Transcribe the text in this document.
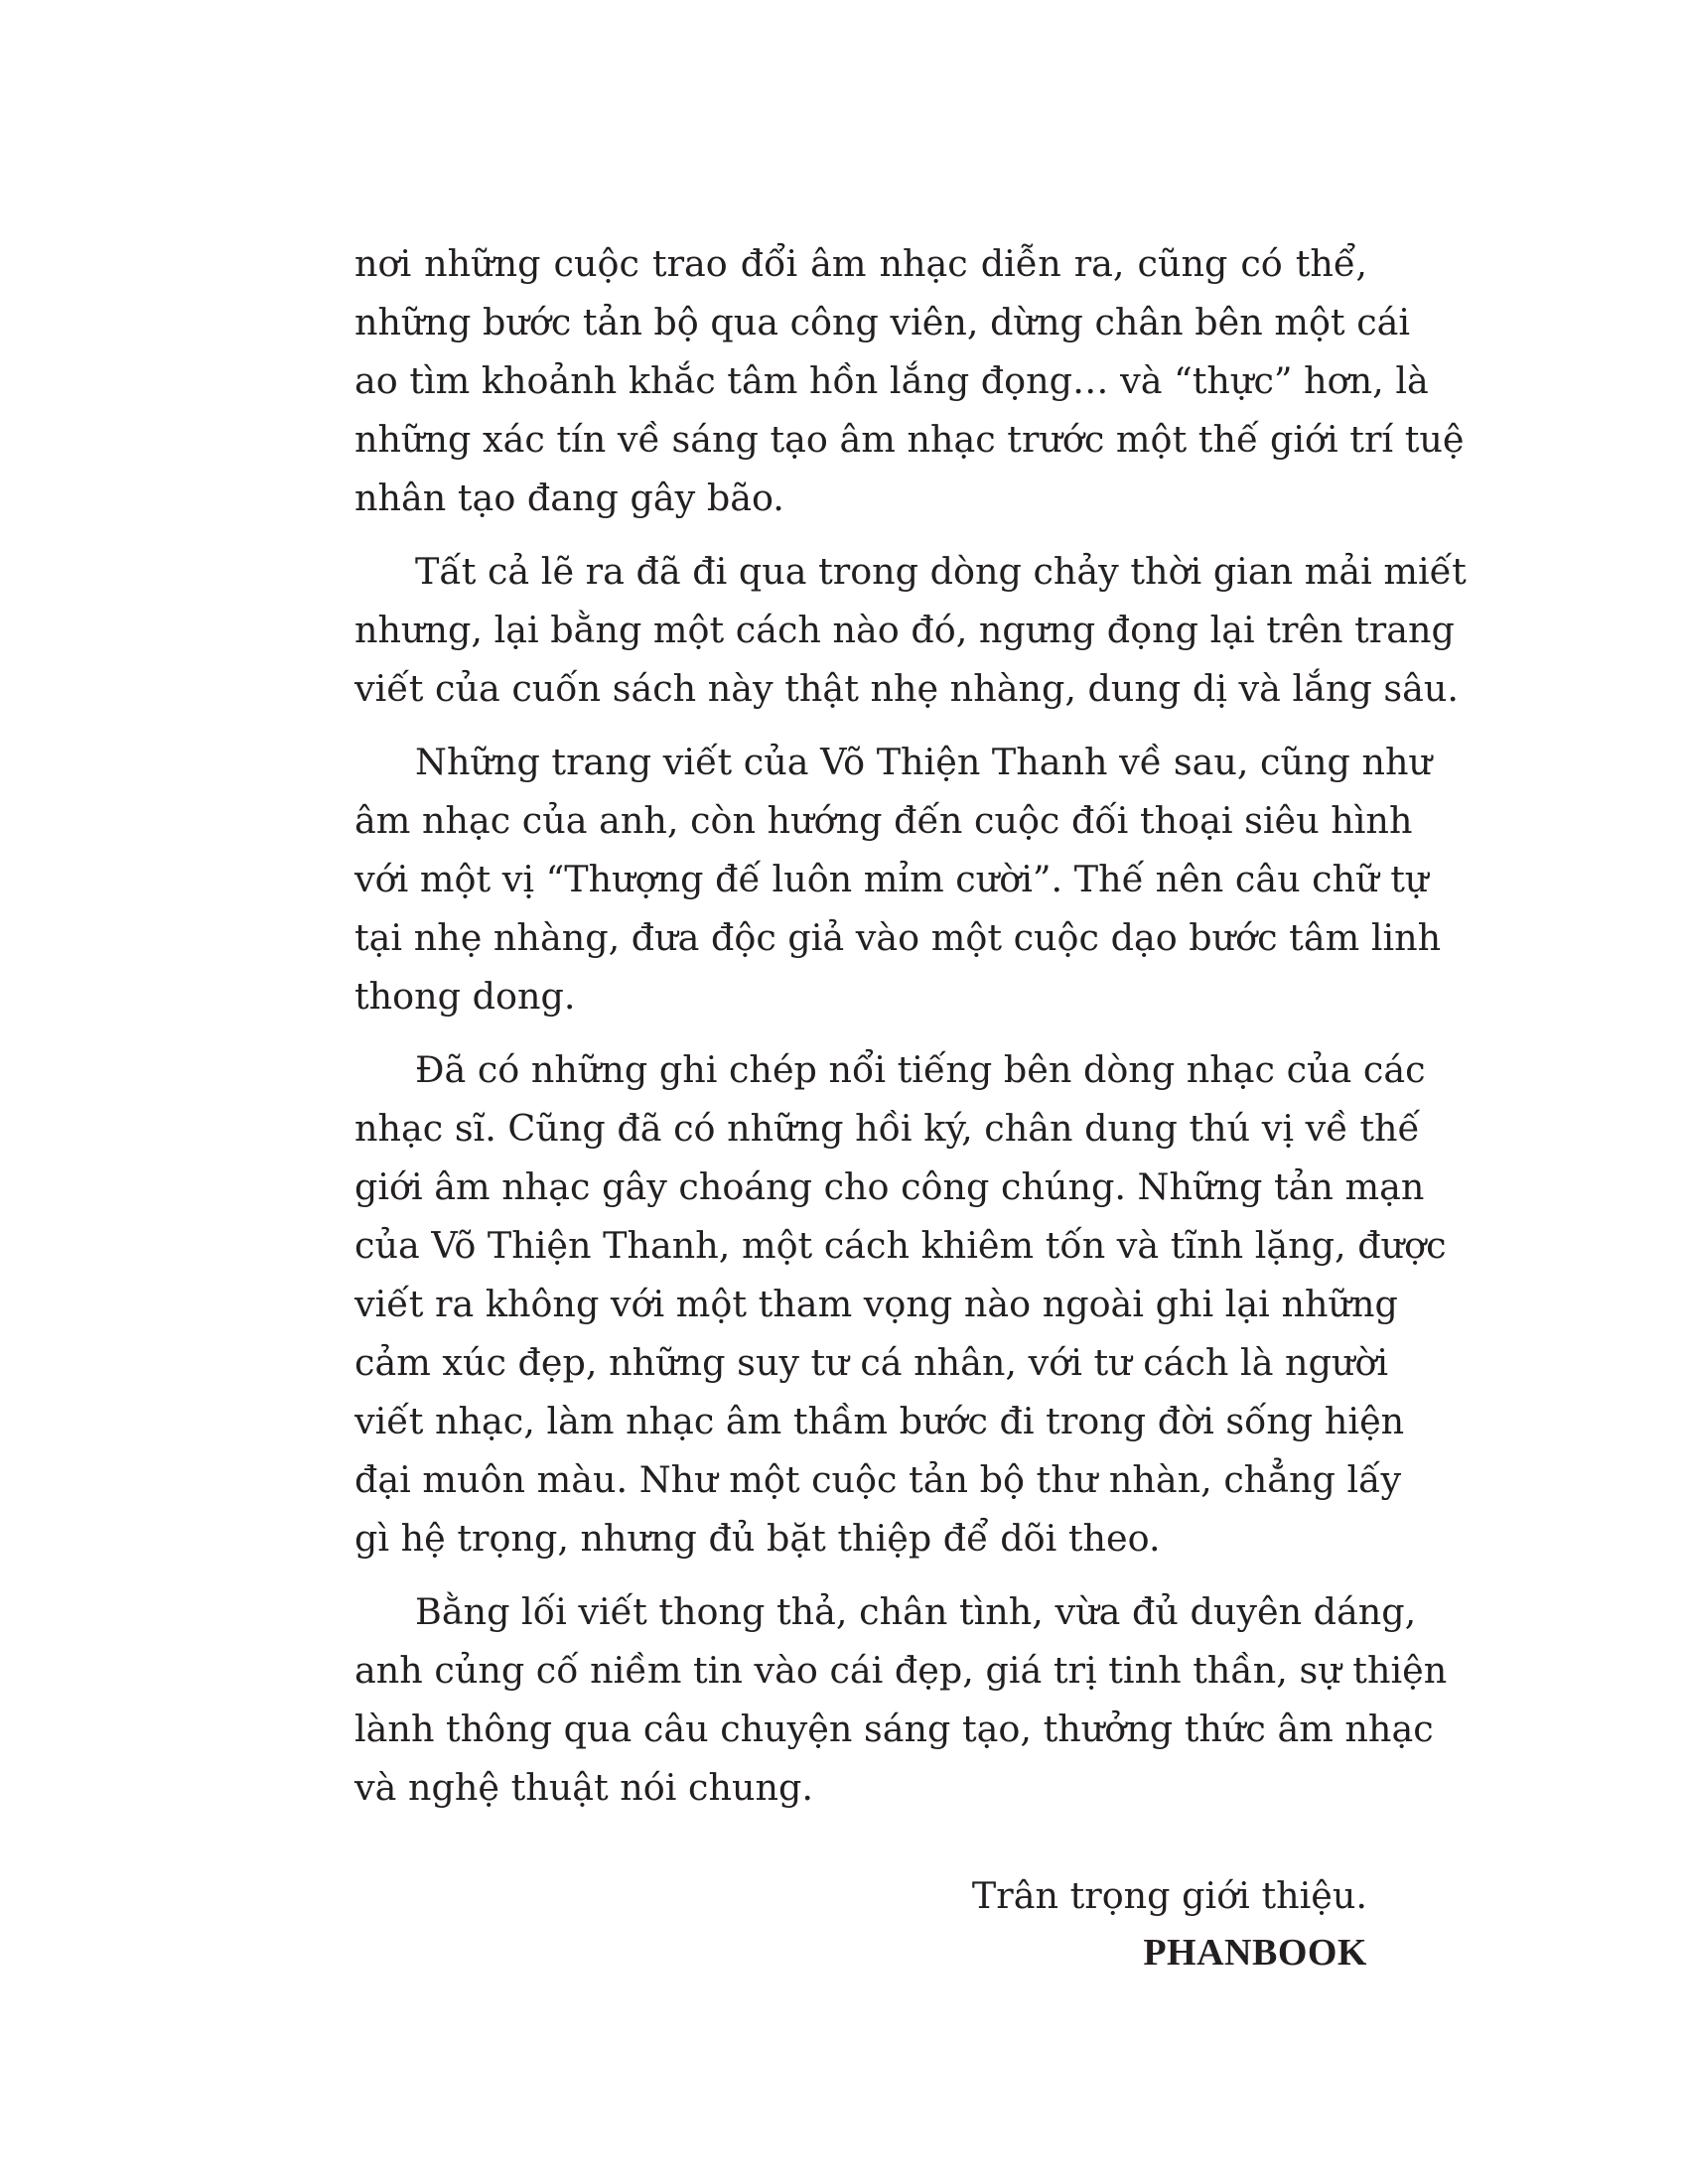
nơi những cuộc trao đổi âm nhạc diễn ra, cũng có thể,
những bước tản bộ qua công viên, dừng chân bên một cái
ao tìm khoảnh khắc tâm hồn lắng đọng… và “thực” hơn, là
những xác tín về sáng tạo âm nhạc trước một thế giới trí tuệ
nhân tạo đang gây bão.
Tất cả lẽ ra đã đi qua trong dòng chảy thời gian mải miết
nhưng, lại bằng một cách nào đó, ngưng đọng lại trên trang
viết của cuốn sách này thật nhẹ nhàng, dung dị và lắng sâu.
Những trang viết của Võ Thiện Thanh về sau, cũng như
âm nhạc của anh, còn hướng đến cuộc đối thoại siêu hình
với một vị “Thượng đế luôn mỉm cười”. Thế nên câu chữ tự
tại nhẹ nhàng, đưa độc giả vào một cuộc dạo bước tâm linh
thong dong.
Đã có những ghi chép nổi tiếng bên dòng nhạc của các
nhạc sĩ. Cũng đã có những hồi ký, chân dung thú vị về thế
giới âm nhạc gây choáng cho công chúng. Những tản mạn
của Võ Thiện Thanh, một cách khiêm tốn và tĩnh lặng, được
viết ra không với một tham vọng nào ngoài ghi lại những
cảm xúc đẹp, những suy tư cá nhân, với tư cách là người
viết nhạc, làm nhạc âm thầm bước đi trong đời sống hiện
đại muôn màu. Như một cuộc tản bộ thư nhàn, chẳng lấy
gì hệ trọng, nhưng đủ bặt thiệp để dõi theo.
Bằng lối viết thong thả, chân tình, vừa đủ duyên dáng,
anh củng cố niềm tin vào cái đẹp, giá trị tinh thần, sự thiện
lành thông qua câu chuyện sáng tạo, thưởng thức âm nhạc
và nghệ thuật nói chung.
Trân trọng giới thiệu.
PHANBOOK
